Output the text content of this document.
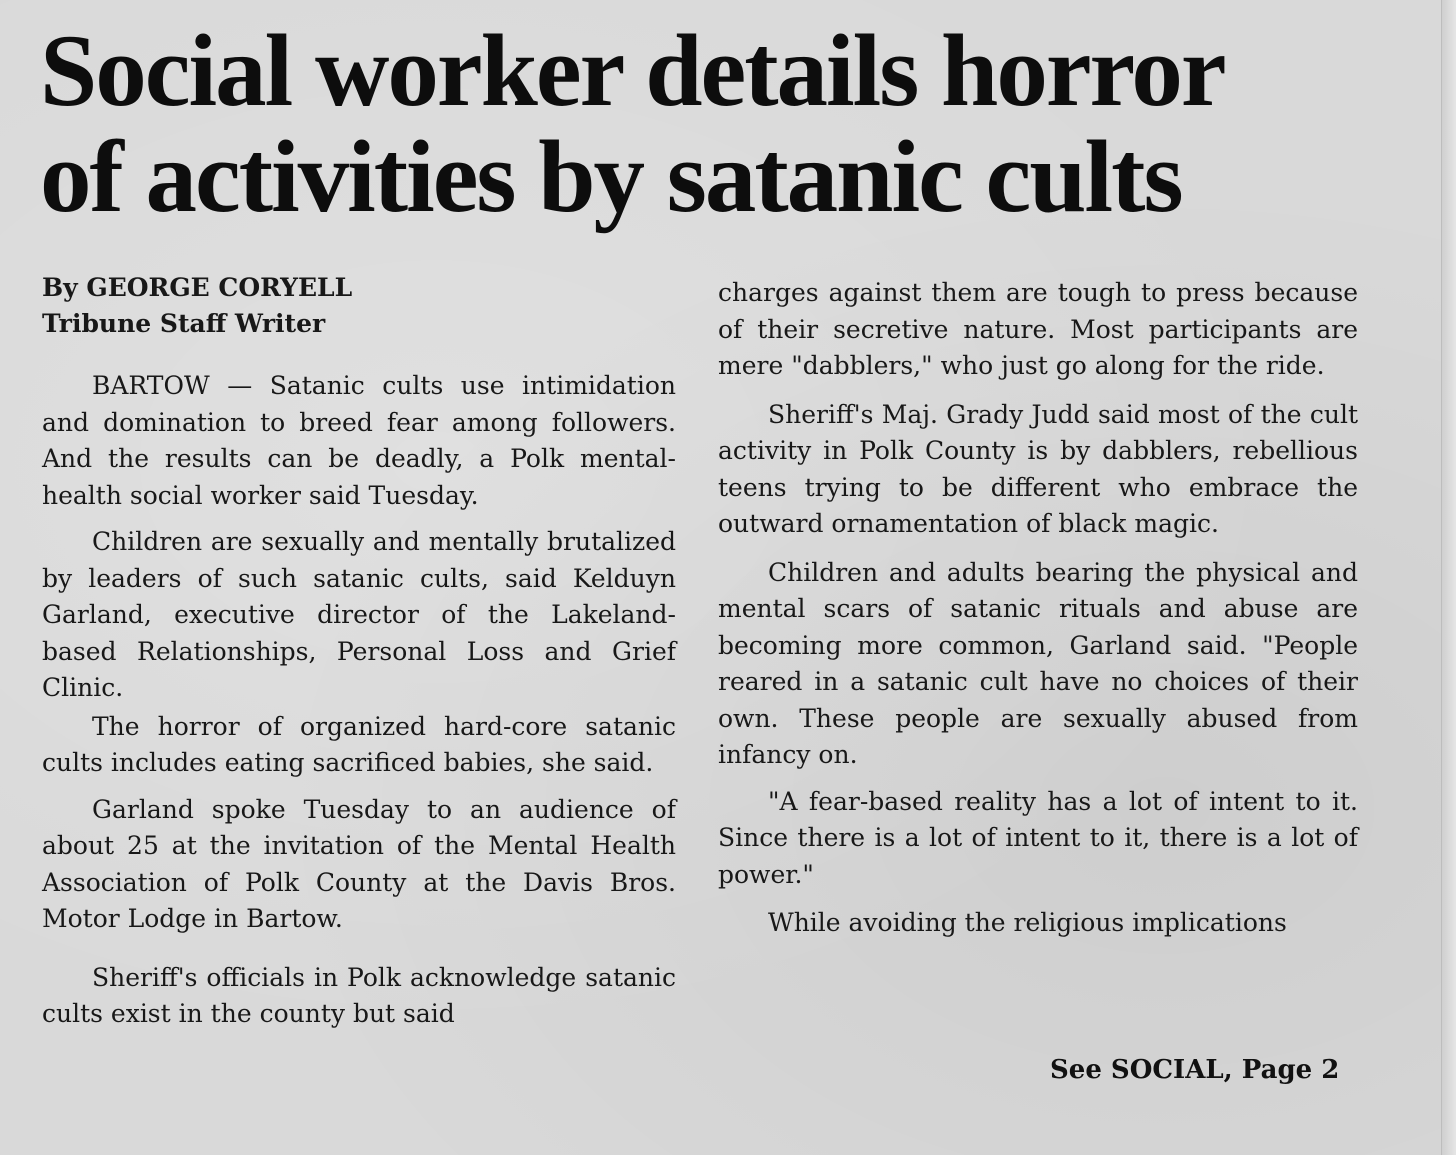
Social worker details horror
of activities by satanic cults

By GEORGE CORYELL

Tribune Staff Writer

BARTOW — Satanic cults use intimidation and domination to breed fear among followers. And the results can be deadly, a Polk mental-health social worker said Tuesday.

Children are sexually and mentally brutalized by leaders of such satanic cults, said Kelduyn Garland, executive director of the Lakeland-based Relationships, Personal Loss and Grief Clinic.

The horror of organized hard-core satanic cults includes eating sacrificed babies, she said.

Garland spoke Tuesday to an audience of about 25 at the invitation of the Mental Health Association of Polk County at the Davis Bros. Motor Lodge in Bartow.

Sheriff's officials in Polk acknowledge satanic cults exist in the county but said

charges against them are tough to press because of their secretive nature. Most participants are mere "dabblers," who just go along for the ride.

Sheriff's Maj. Grady Judd said most of the cult activity in Polk County is by dabblers, rebellious teens trying to be different who embrace the outward ornamentation of black magic.

Children and adults bearing the physical and mental scars of satanic rituals and abuse are becoming more common, Garland said. "People reared in a satanic cult have no choices of their own. These people are sexually abused from infancy on.

"A fear-based reality has a lot of intent to it. Since there is a lot of intent to it, there is a lot of power."

While avoiding the religious implications

See SOCIAL, Page 2
